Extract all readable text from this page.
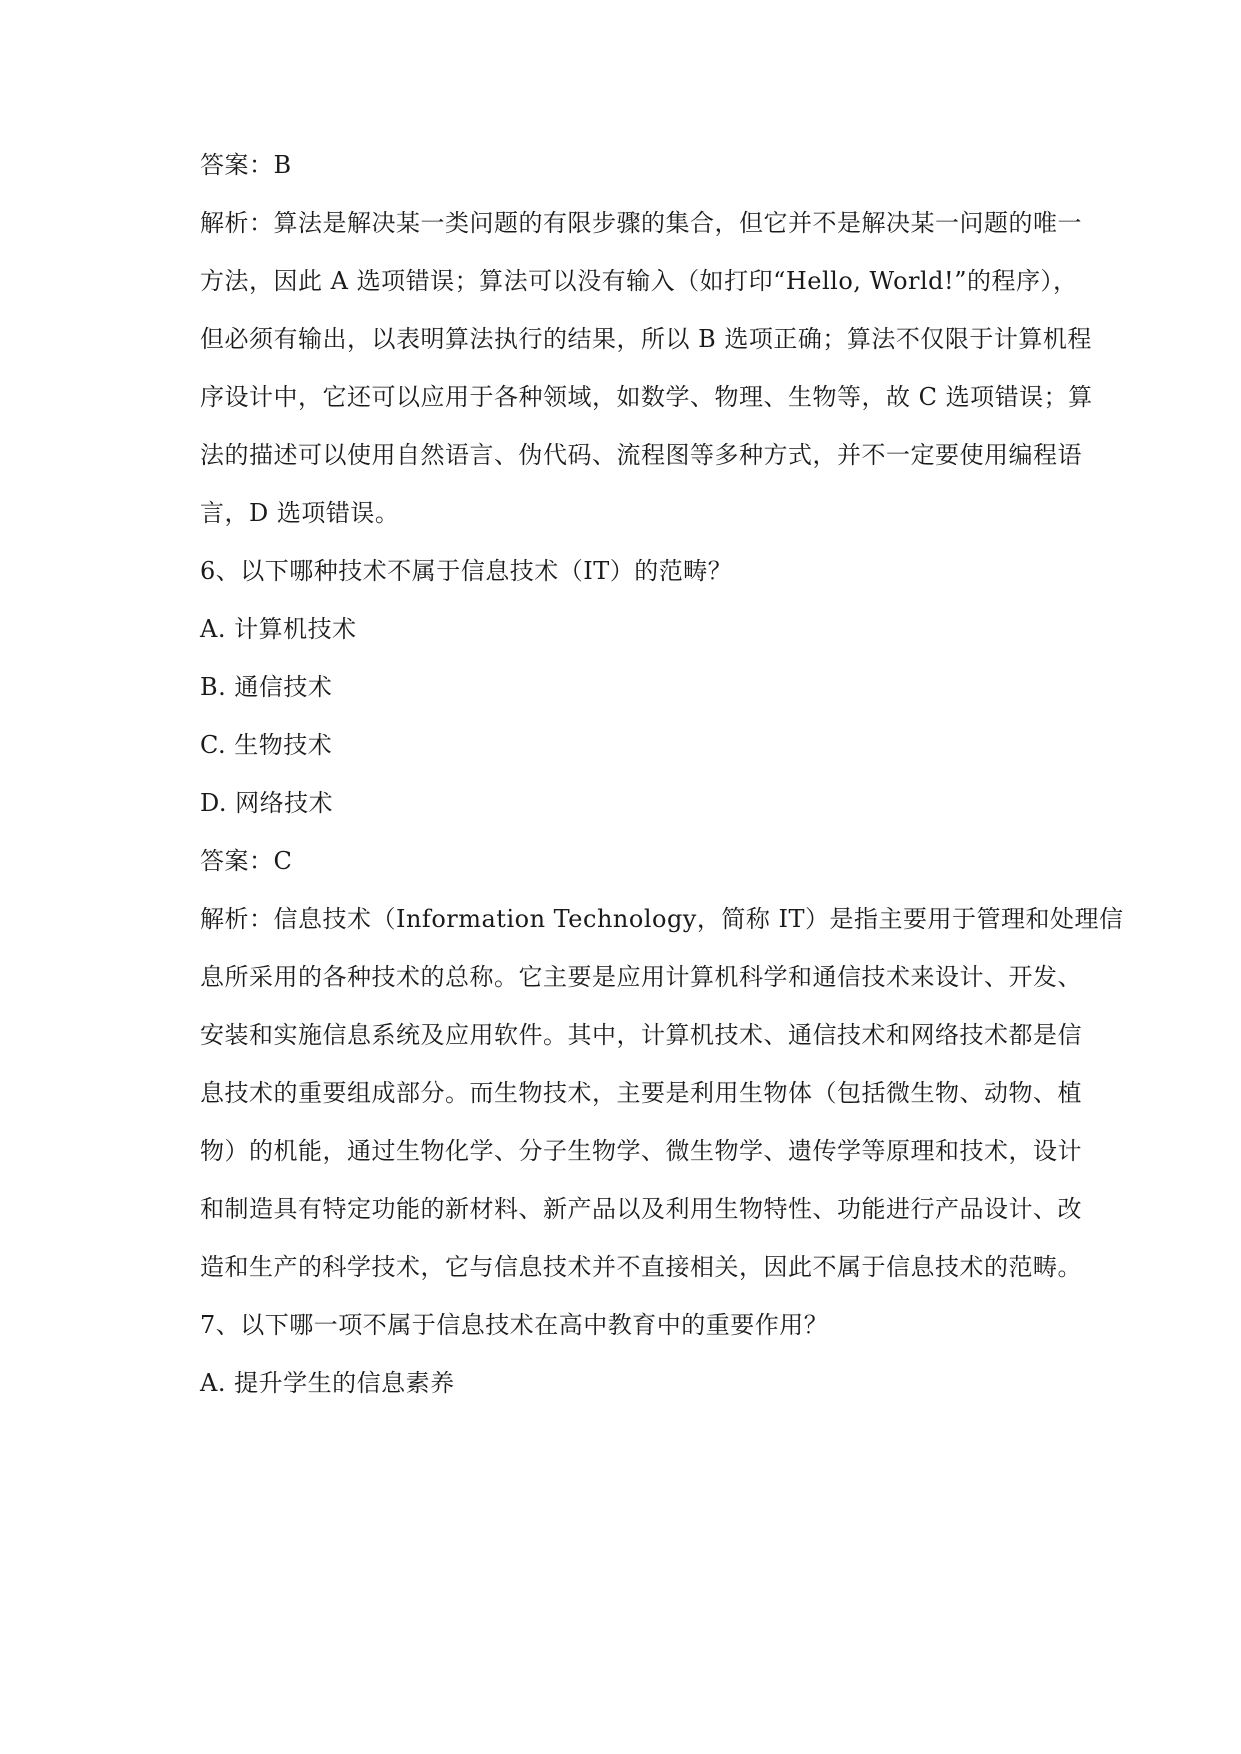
答案：B
解析：算法是解决某一类问题的有限步骤的集合，但它并不是解决某一问题的唯一
方法，因此 A 选项错误；算法可以没有输入（如打印“Hello, World!”的程序），
但必须有输出，以表明算法执行的结果，所以 B 选项正确；算法不仅限于计算机程
序设计中，它还可以应用于各种领域，如数学、物理、生物等，故 C 选项错误；算
法的描述可以使用自然语言、伪代码、流程图等多种方式，并不一定要使用编程语
言，D 选项错误。
6、以下哪种技术不属于信息技术（IT）的范畴？
A. 计算机技术
B. 通信技术
C. 生物技术
D. 网络技术
答案：C
解析：信息技术（Information Technology，简称 IT）是指主要用于管理和处理信
息所采用的各种技术的总称。它主要是应用计算机科学和通信技术来设计、开发、
安装和实施信息系统及应用软件。其中，计算机技术、通信技术和网络技术都是信
息技术的重要组成部分。而生物技术，主要是利用生物体（包括微生物、动物、植
物）的机能，通过生物化学、分子生物学、微生物学、遗传学等原理和技术，设计
和制造具有特定功能的新材料、新产品以及利用生物特性、功能进行产品设计、改
造和生产的科学技术，它与信息技术并不直接相关，因此不属于信息技术的范畴。
7、以下哪一项不属于信息技术在高中教育中的重要作用？
A. 提升学生的信息素养
